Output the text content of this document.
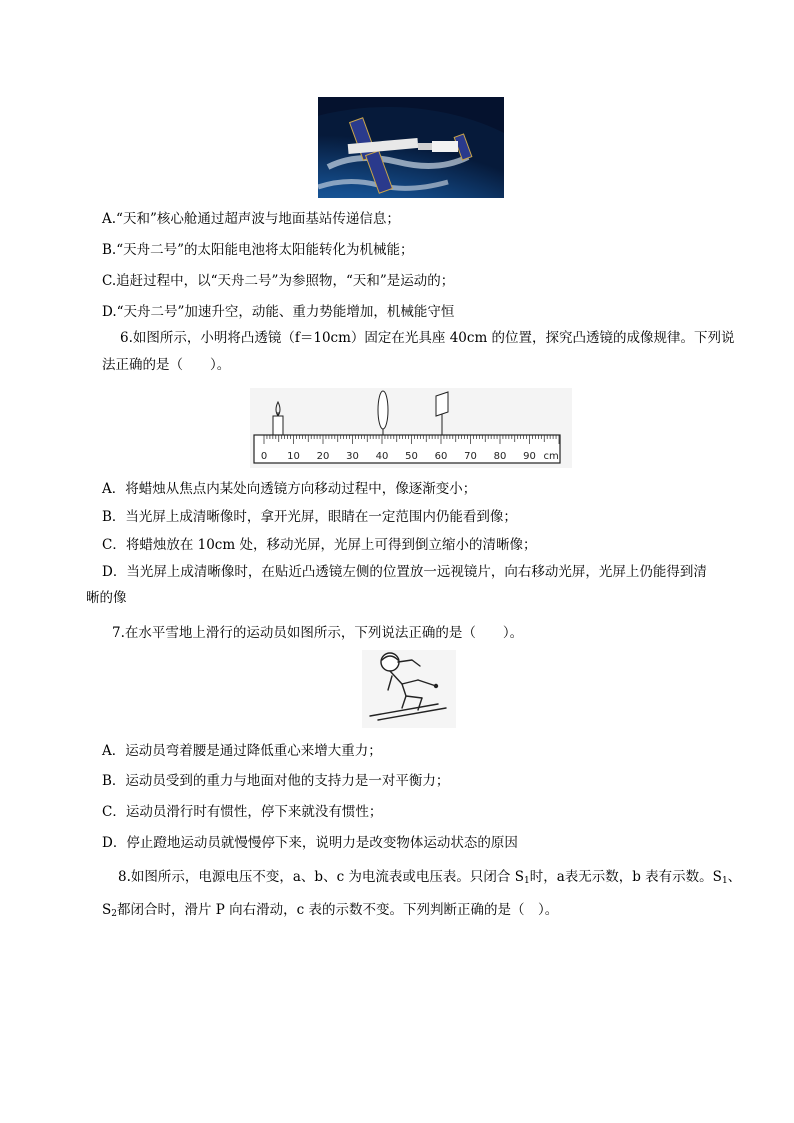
A.“天和”核心舱通过超声波与地面基站传递信息；
B.“天舟二号”的太阳能电池将太阳能转化为机械能；
C.追赶过程中，以“天舟二号”为参照物，“天和”是运动的；
D.“天舟二号”加速升空，动能、重力势能增加，机械能守恒
6.如图所示，小明将凸透镜（f＝10cm）固定在光具座 40cm 的位置，探究凸透镜的成像规律。下列说
法正确的是（　　）。
0 10 20 30 40 50 60 70 80 90 cm
A．将蜡烛从焦点内某处向透镜方向移动过程中，像逐渐变小；
B．当光屏上成清晰像时，拿开光屏，眼睛在一定范围内仍能看到像；
C．将蜡烛放在 10cm 处，移动光屏，光屏上可得到倒立缩小的清晰像；
D．当光屏上成清晰像时，在贴近凸透镜左侧的位置放一远视镜片，向右移动光屏，光屏上仍能得到清
晰的像
7.在水平雪地上滑行的运动员如图所示，下列说法正确的是（　　）。
A．运动员弯着腰是通过降低重心来增大重力；
B．运动员受到的重力与地面对他的支持力是一对平衡力；
C．运动员滑行时有惯性，停下来就没有惯性；
D．停止蹬地运动员就慢慢停下来，说明力是改变物体运动状态的原因
8.如图所示，电源电压不变，a、b、c 为电流表或电压表。只闭合 $S_1$时，a表无示数，b 表有示数。$S_1$、
$S_2$都闭合时，滑片 P 向右滑动，c 表的示数不变。下列判断正确的是（　）。
